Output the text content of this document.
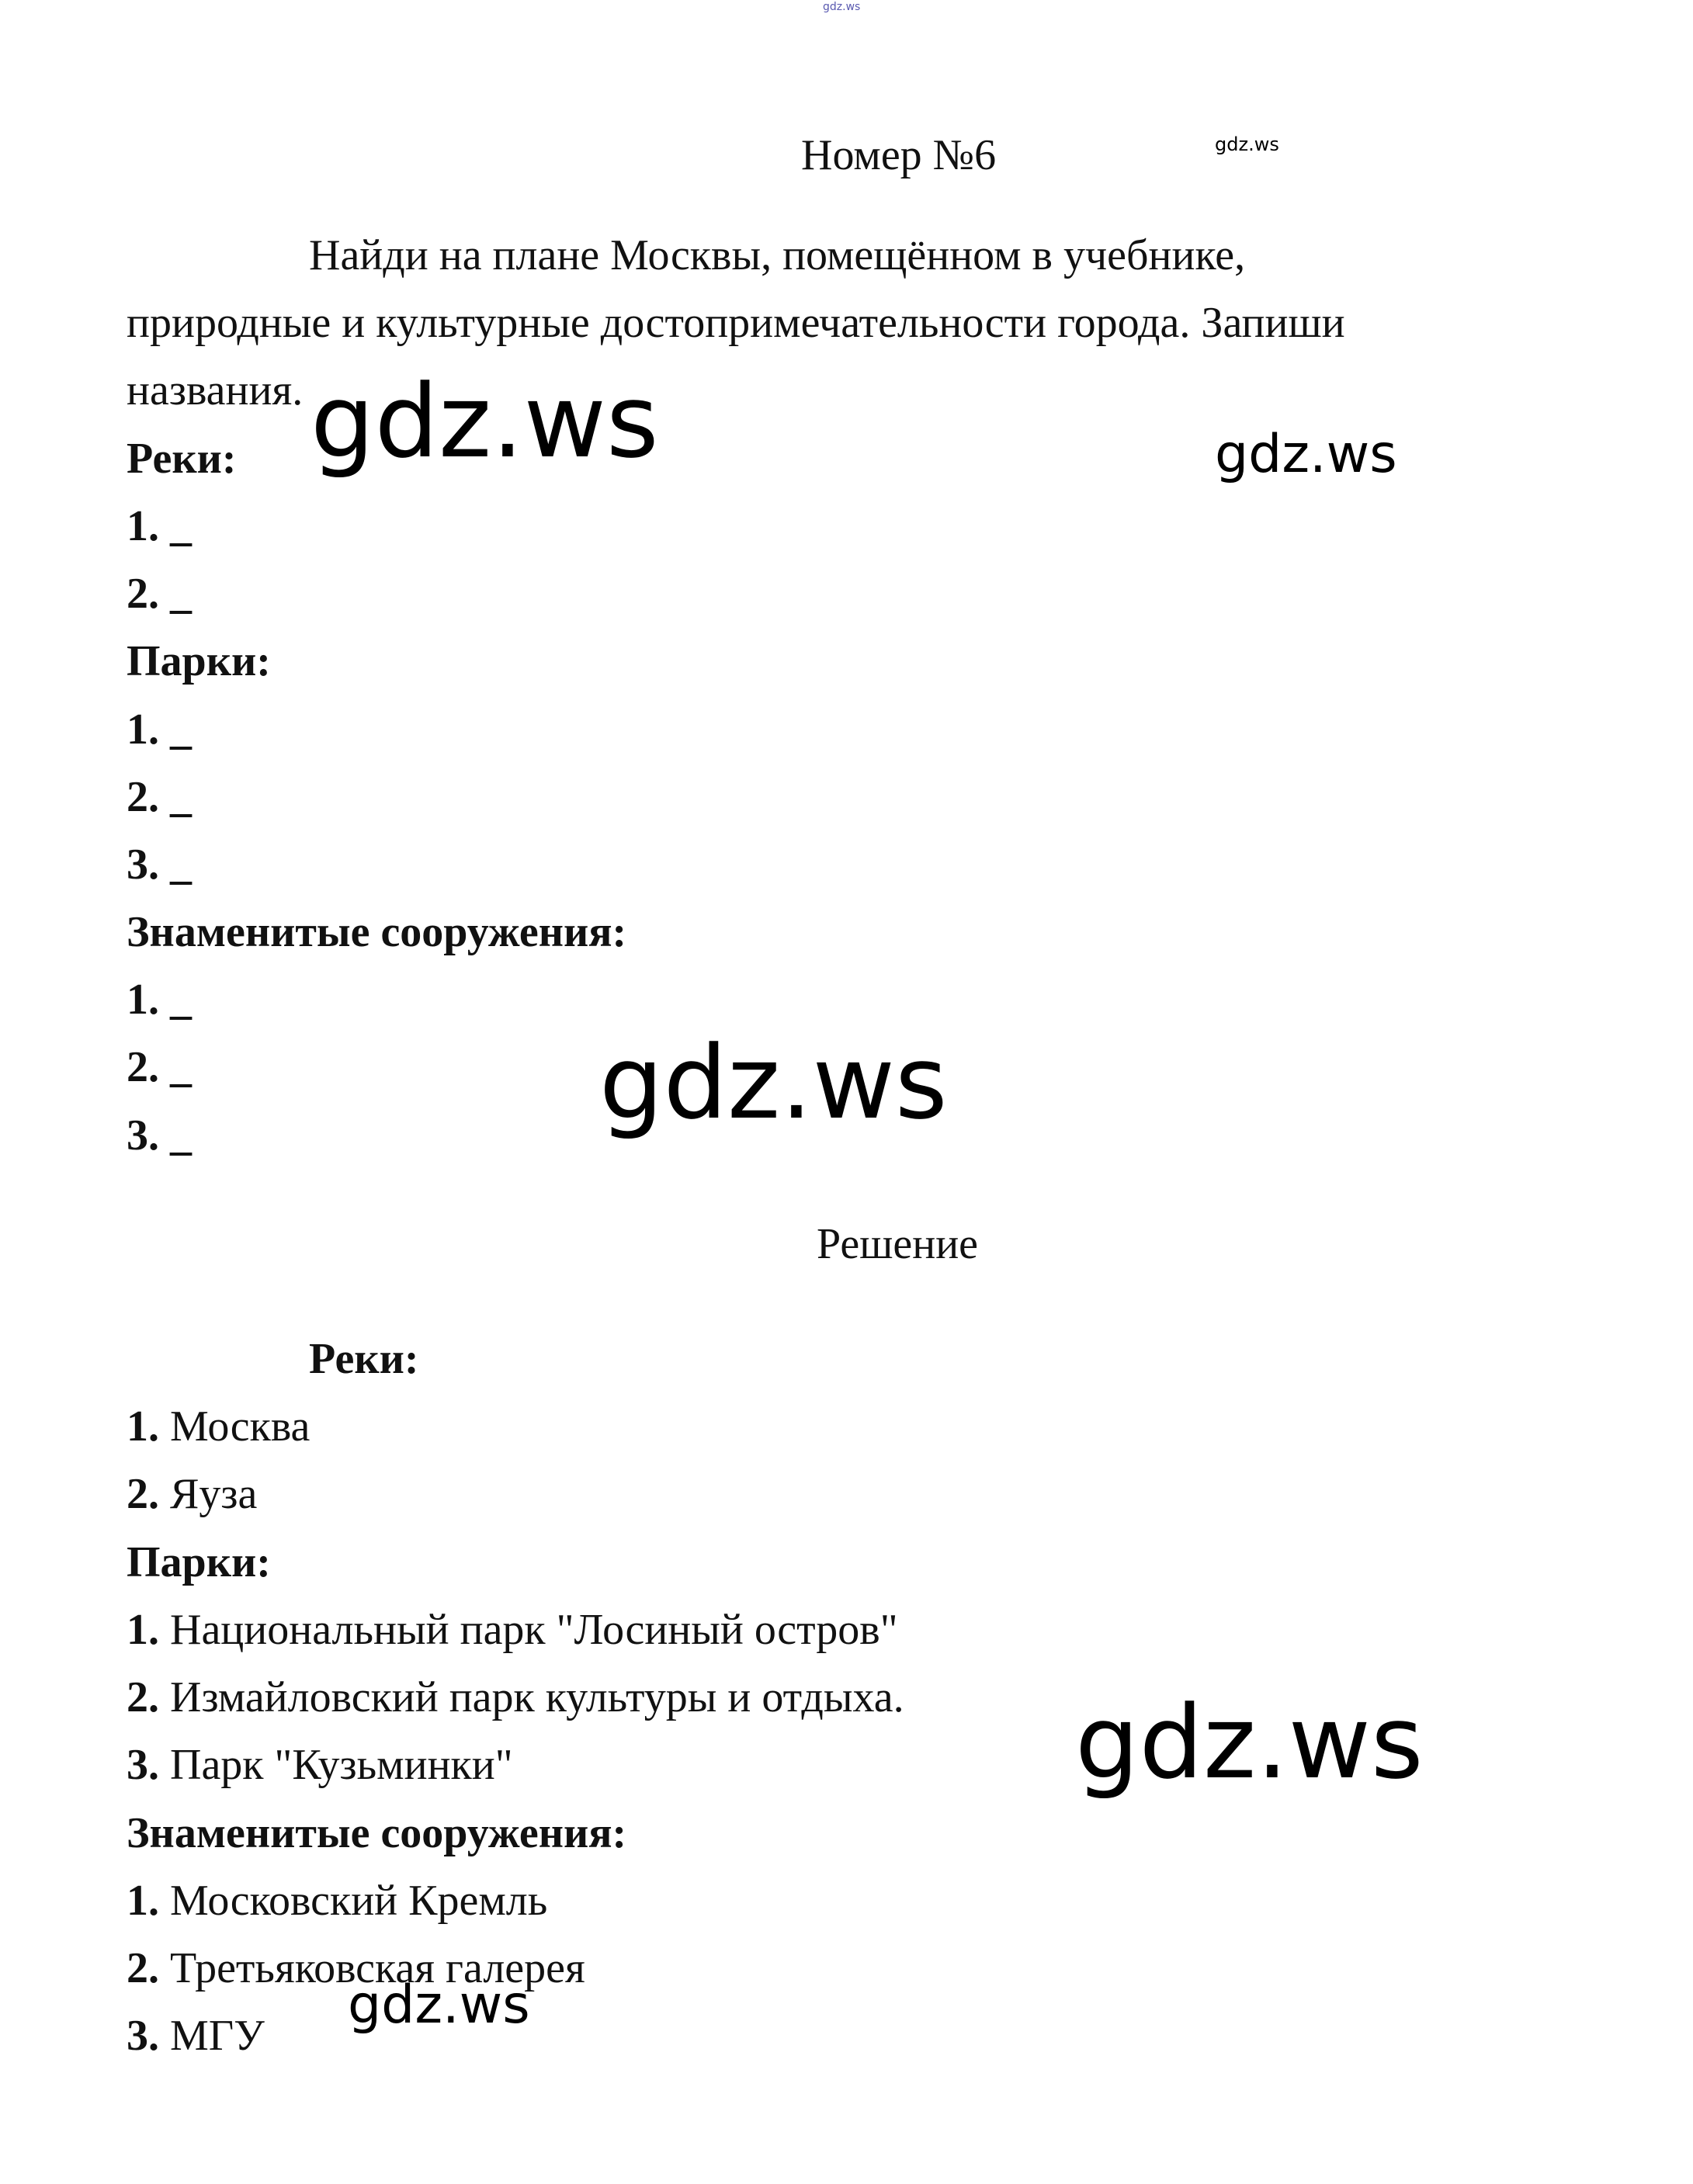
gdz.ws
gdz.ws
gdz.ws	gdz.ws
gdz.ws
gdz.ws
gdz.ws
Номер №6
Найди на плане Москвы, помещённом в учебнике,
природные и культурные достопримечательности города. Запиши
названия.
Реки:
1. _
2. _
Парки:
1. _
2. _
3. _
Знаменитые сооружения:
1. _
2. _
3. _
Решение
Реки:
1. Москва
2. Яуза
Парки:
1. Национальный парк "Лосиный остров"
2. Измайловский парк культуры и отдыха.
3. Парк "Кузьминки"
Знаменитые сооружения:
1. Московский Кремль
2. Третьяковская галерея
3. МГУ
